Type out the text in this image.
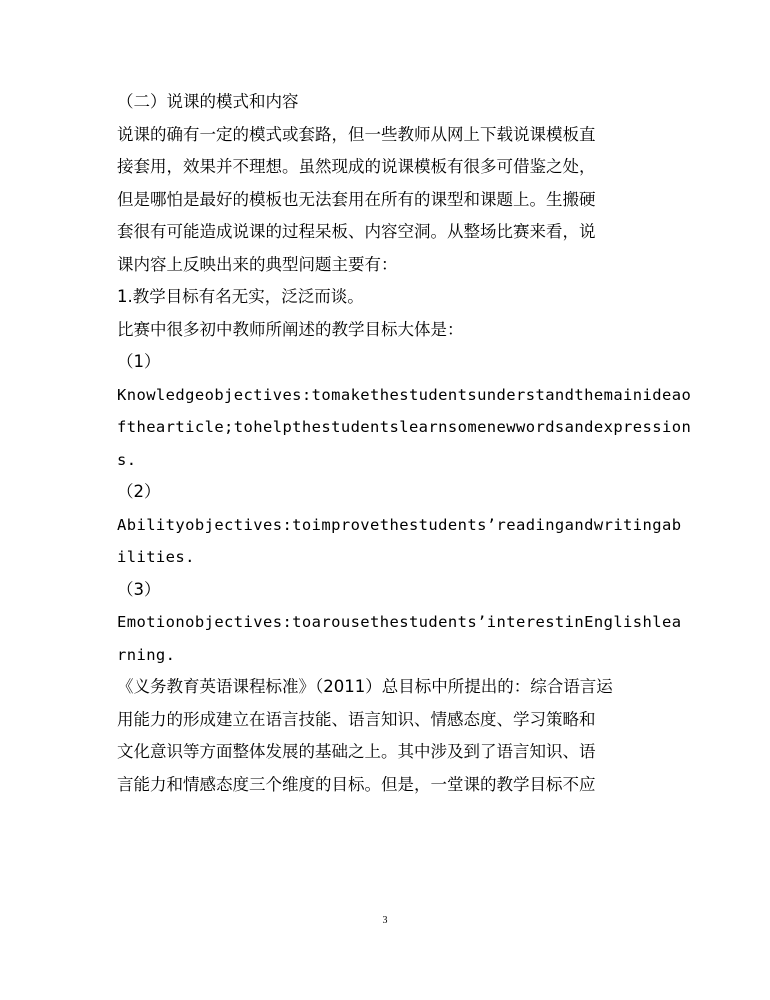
（二）说课的模式和内容
说课的确有一定的模式或套路，但一些教师从网上下载说课模板直
接套用，效果并不理想。虽然现成的说课模板有很多可借鉴之处，
但是哪怕是最好的模板也无法套用在所有的课型和课题上。生搬硬
套很有可能造成说课的过程呆板、内容空洞。从整场比赛来看，说
课内容上反映出来的典型问题主要有：
1.教学目标有名无实，泛泛而谈。
比赛中很多初中教师所阐述的教学目标大体是：
（1）
Knowledgeobjectives:tomakethestudentsunderstandthemainideao
fthearticle;tohelpthestudentslearnsomenewwordsandexpression
s.
（2）
Abilityobjectives:toimprovethestudents’readingandwritingab
ilities.
（3）
Emotionobjectives:toarousethestudents’interestinEnglishlea
rning.
《义务教育英语课程标准》（2011）总目标中所提出的：综合语言运
用能力的形成建立在语言技能、语言知识、情感态度、学习策略和
文化意识等方面整体发展的基础之上。其中涉及到了语言知识、语
言能力和情感态度三个维度的目标。但是，一堂课的教学目标不应
3
